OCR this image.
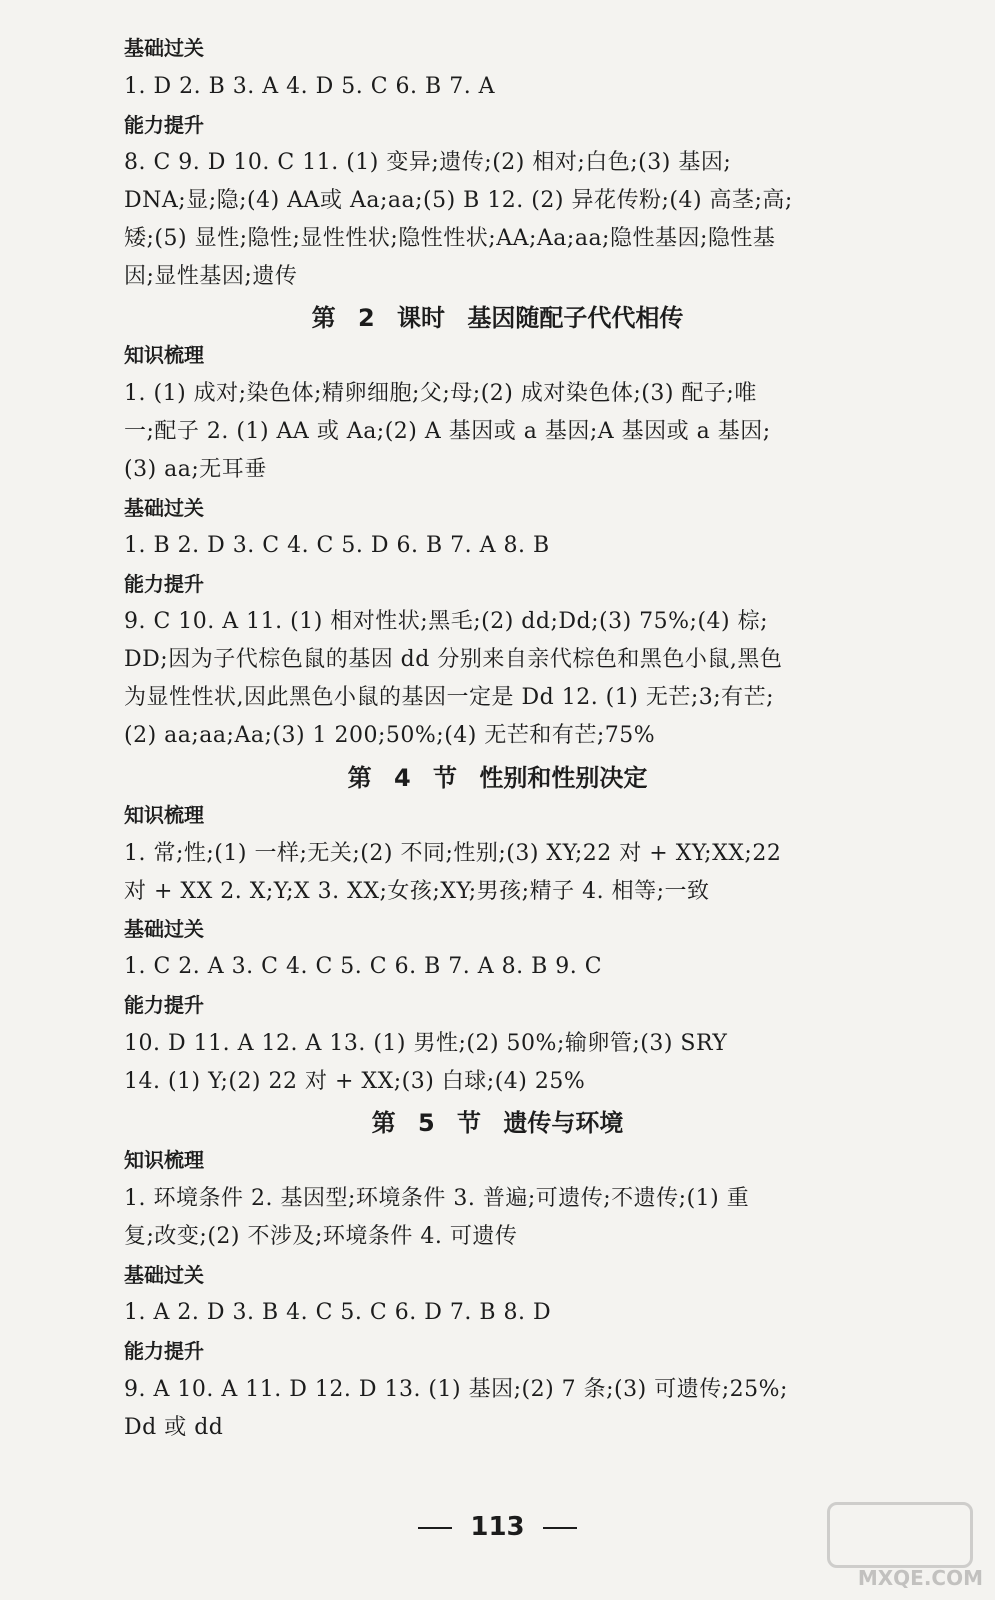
基础过关
1. D 2. B 3. A 4. D 5. C 6. B 7. A
能力提升
8. C 9. D 10. C 11. (1) 变异;遗传;(2) 相对;白色;(3) 基因;
DNA;显;隐;(4) AA或 Aa;aa;(5) B 12. (2) 异花传粉;(4) 高茎;高;
矮;(5) 显性;隐性;显性性状;隐性性状;AA;Aa;aa;隐性基因;隐性基
因;显性基因;遗传
第 2 课时 基因随配子代代相传
知识梳理
1. (1) 成对;染色体;精卵细胞;父;母;(2) 成对染色体;(3) 配子;唯
一;配子 2. (1) AA 或 Aa;(2) A 基因或 a 基因;A 基因或 a 基因;
(3) aa;无耳垂
基础过关
1. B 2. D 3. C 4. C 5. D 6. B 7. A 8. B
能力提升
9. C 10. A 11. (1) 相对性状;黑毛;(2) dd;Dd;(3) 75%;(4) 棕;
DD;因为子代棕色鼠的基因 dd 分别来自亲代棕色和黑色小鼠,黑色
为显性性状,因此黑色小鼠的基因一定是 Dd 12. (1) 无芒;3;有芒;
(2) aa;aa;Aa;(3) 1 200;50%;(4) 无芒和有芒;75%
第 4 节 性别和性别决定
知识梳理
1. 常;性;(1) 一样;无关;(2) 不同;性别;(3) XY;22 对 + XY;XX;22
对 + XX 2. X;Y;X 3. XX;女孩;XY;男孩;精子 4. 相等;一致
基础过关
1. C 2. A 3. C 4. C 5. C 6. B 7. A 8. B 9. C
能力提升
10. D 11. A 12. A 13. (1) 男性;(2) 50%;输卵管;(3) SRY
14. (1) Y;(2) 22 对 + XX;(3) 白球;(4) 25%
第 5 节 遗传与环境
知识梳理
1. 环境条件 2. 基因型;环境条件 3. 普遍;可遗传;不遗传;(1) 重
复;改变;(2) 不涉及;环境条件 4. 可遗传
基础过关
1. A 2. D 3. B 4. C 5. C 6. D 7. B 8. D
能力提升
9. A 10. A 11. D 12. D 13. (1) 基因;(2) 7 条;(3) 可遗传;25%;
Dd 或 dd
113
MXQE.COM
